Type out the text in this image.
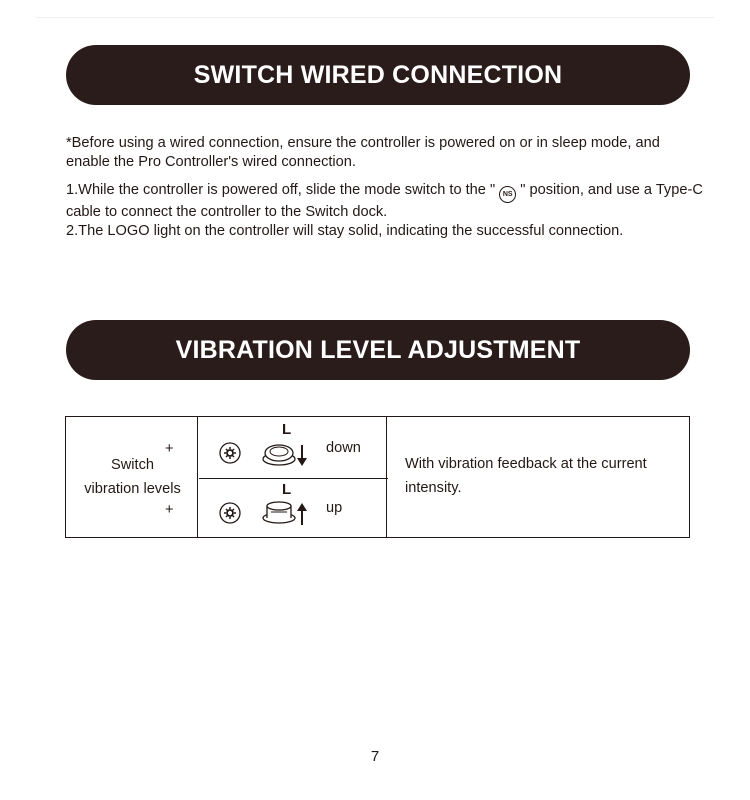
SWITCH WIRED CONNECTION

*Before using a wired connection, ensure the controller is powered on or in sleep mode, and enable the Pro Controller's wired connection.

1.While the controller is powered off, slide the mode switch to the " NS " position, and use a Type-C cable to connect the controller to the Switch dock.
2.The LOGO light on the controller will stay solid, indicating the successful connection.
VIBRATION LEVEL ADJUSTMENT
Switch
vibration levels
+
L
down
+
L
up
With vibration feedback at the current intensity.
7
